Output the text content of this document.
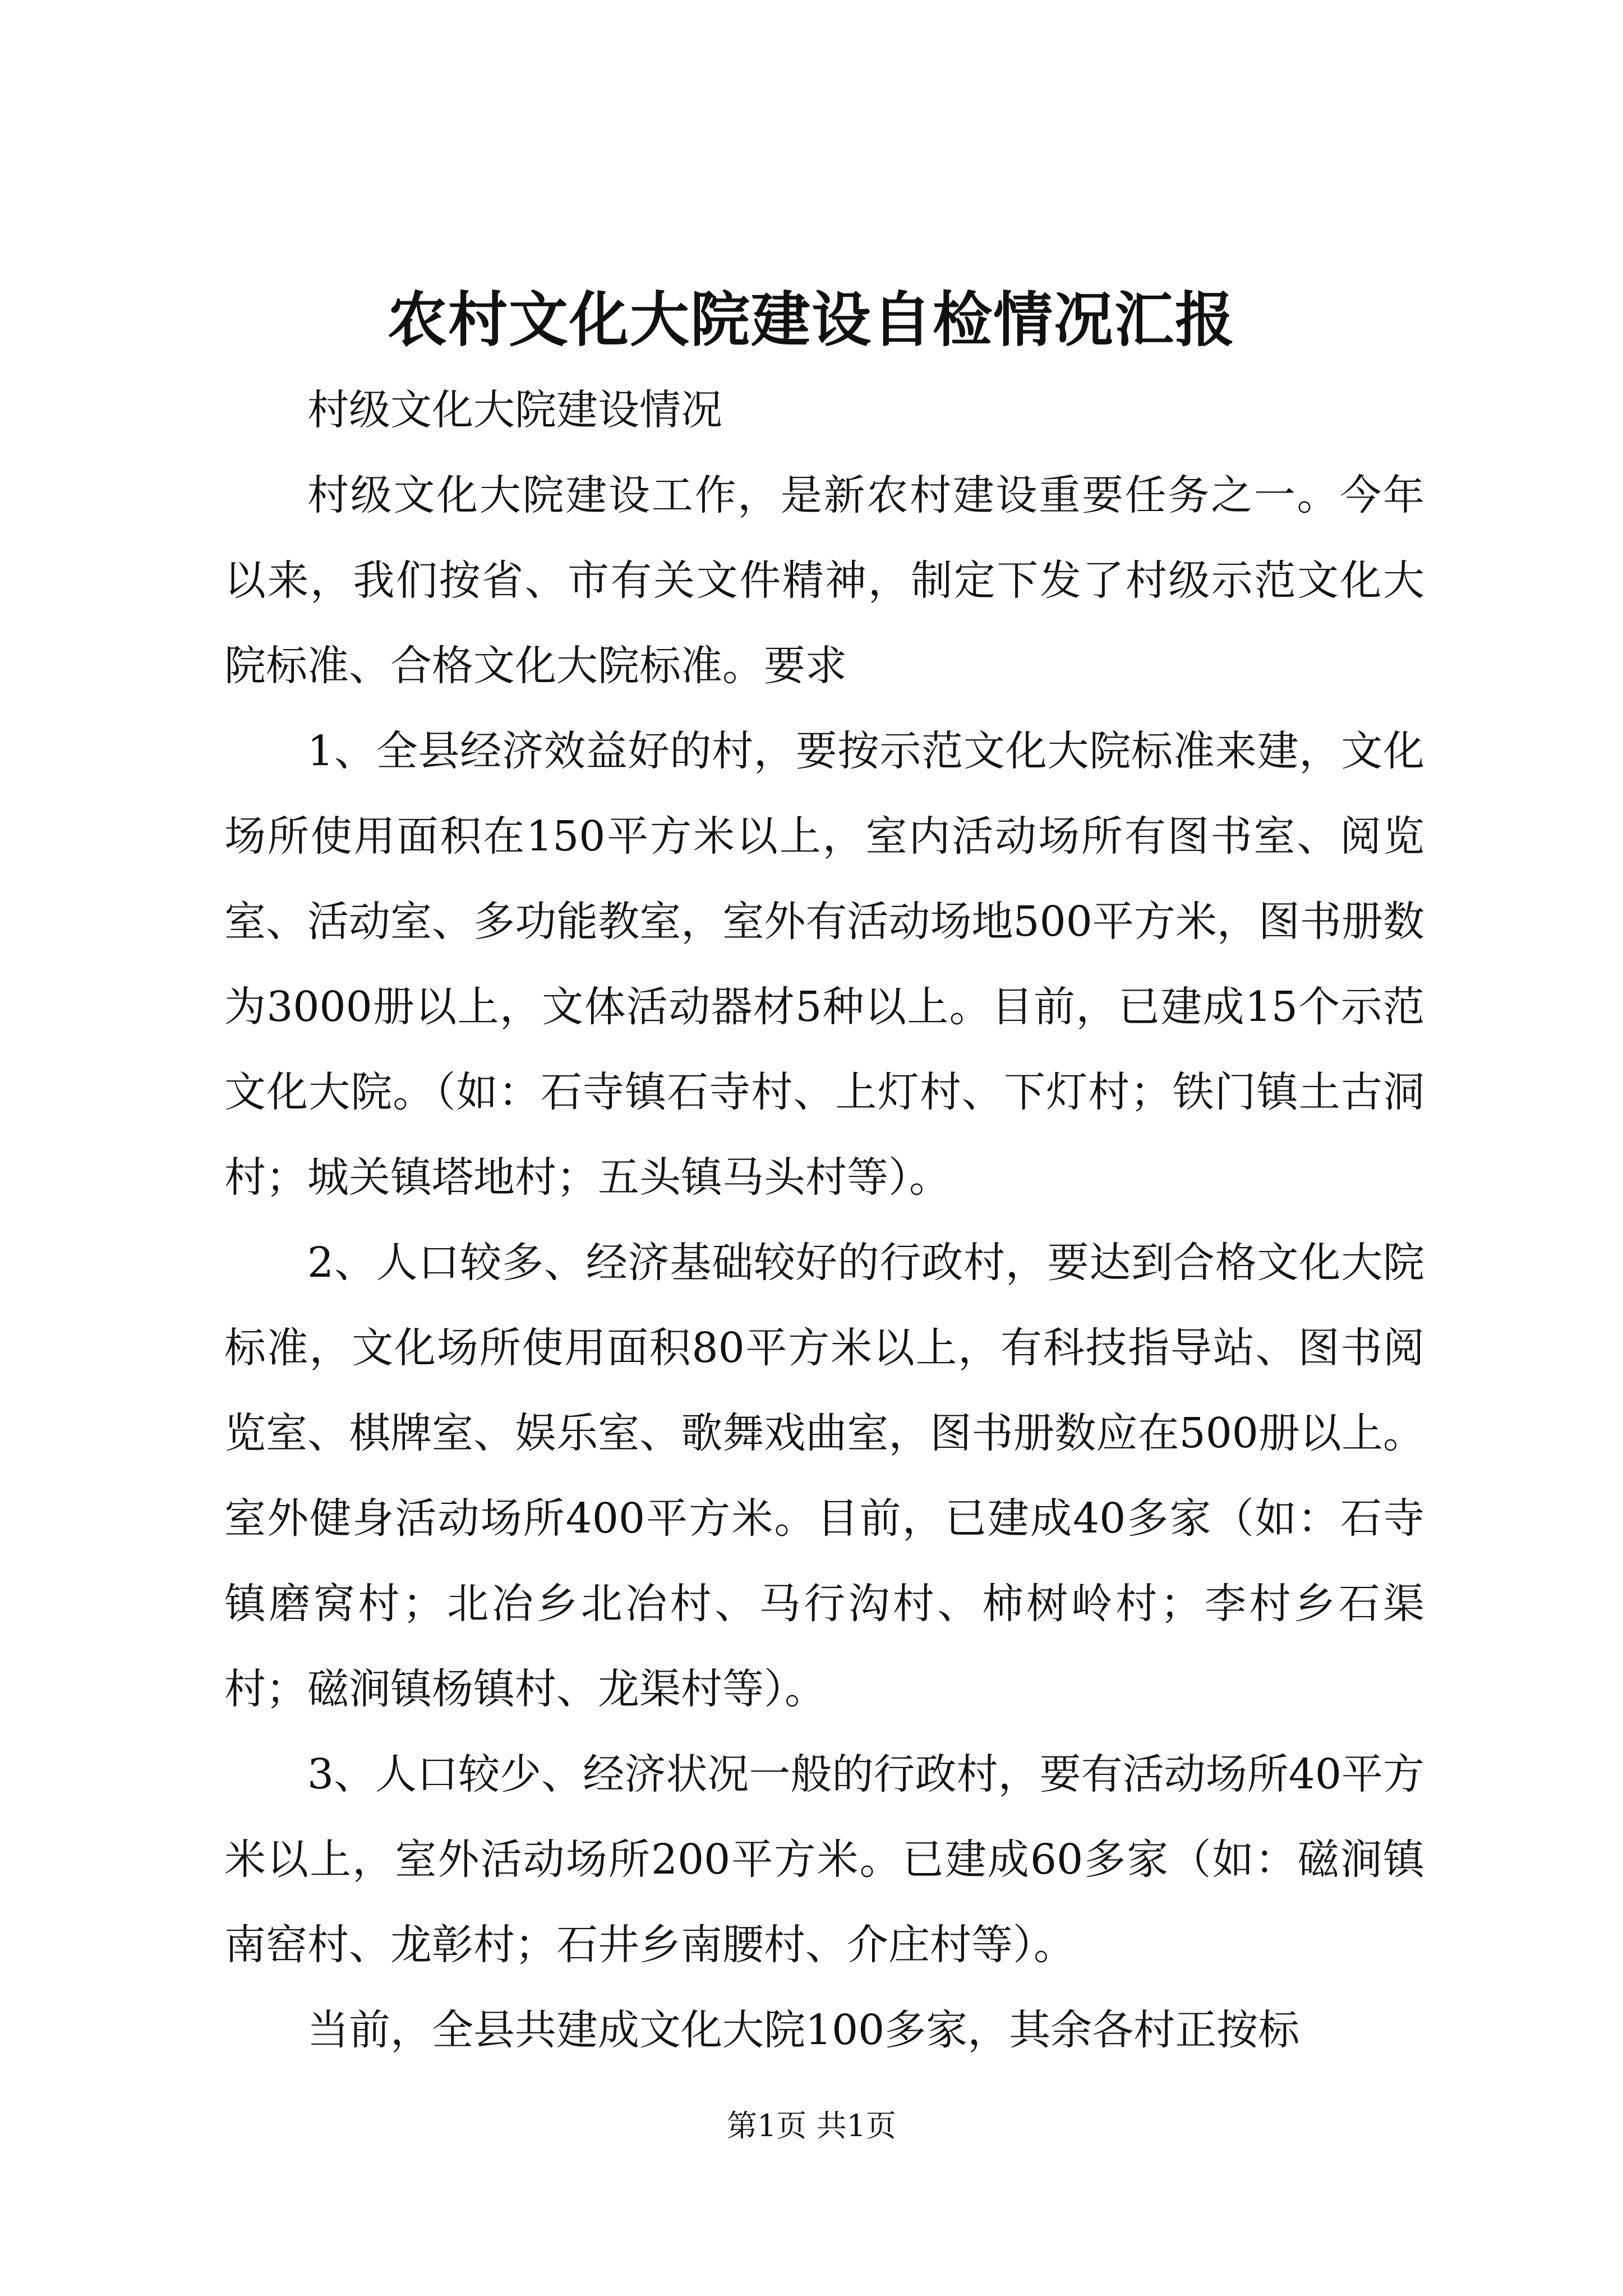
农村文化大院建设自检情况汇报

村级文化大院建设情况

村级文化大院建设工作，是新农村建设重要任务之一。今年以来，我们按省、市有关文件精神，制定下发了村级示范文化大院标准、合格文化大院标准。要求

1、全县经济效益好的村，要按示范文化大院标准来建，文化场所使用面积在150平方米以上，室内活动场所有图书室、阅览室、活动室、多功能教室，室外有活动场地500平方米，图书册数为3000册以上，文体活动器材5种以上。目前，已建成15个示范文化大院。（如：石寺镇石寺村、上灯村、下灯村；铁门镇土古洞村；城关镇塔地村；五头镇马头村等）。

2、人口较多、经济基础较好的行政村，要达到合格文化大院标准，文化场所使用面积80平方米以上，有科技指导站、图书阅览室、棋牌室、娱乐室、歌舞戏曲室，图书册数应在500册以上。室外健身活动场所400平方米。目前，已建成40多家（如：石寺镇磨窝村；北冶乡北冶村、马行沟村、柿树岭村；李村乡石渠村；磁涧镇杨镇村、龙渠村等）。

3、人口较少、经济状况一般的行政村，要有活动场所40平方米以上，室外活动场所200平方米。已建成60多家（如：磁涧镇南窑村、龙彰村；石井乡南腰村、介庄村等）。

当前，全县共建成文化大院100多家，其余各村正按标

第1页 共1页
